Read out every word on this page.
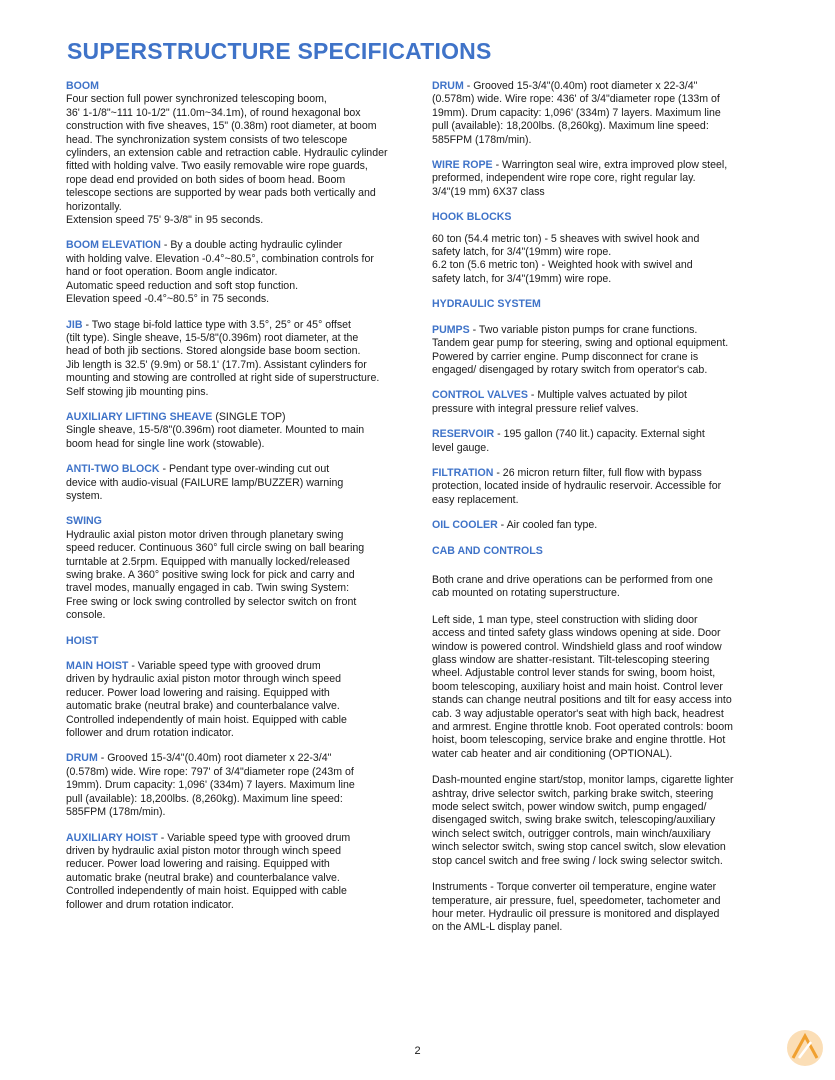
SUPERSTRUCTURE SPECIFICATIONS
BOOM
Four section full power synchronized telescoping boom,
36' 1-1/8"~111 10-1/2" (11.0m~34.1m), of round hexagonal box
construction with five sheaves, 15" (0.38m) root diameter, at boom
head. The synchronization system consists of two telescope
cylinders, an extension cable and retraction cable. Hydraulic cylinder
fitted with holding valve. Two easily removable wire rope guards,
rope dead end provided on both sides of boom head. Boom
telescope sections are supported by wear pads both vertically and
horizontally.
Extension speed 75' 9-3/8" in 95 seconds.
BOOM ELEVATION - By a double acting hydraulic cylinder
with holding valve. Elevation -0.4°~80.5°, combination controls for
hand or foot operation. Boom angle indicator.
Automatic speed reduction and soft stop function.
Elevation speed -0.4°~80.5° in 75 seconds.
JIB - Two stage bi-fold lattice type with 3.5°, 25° or 45° offset
(tilt type). Single sheave, 15-5/8"(0.396m) root diameter, at the
head of both jib sections. Stored alongside base boom section.
Jib length is 32.5' (9.9m) or 58.1' (17.7m). Assistant cylinders for
mounting and stowing are controlled at right side of superstructure.
Self stowing jib mounting pins.
AUXILIARY LIFTING SHEAVE (SINGLE TOP)
Single sheave, 15-5/8"(0.396m) root diameter. Mounted to main
boom head for single line work (stowable).
ANTI-TWO BLOCK - Pendant type over-winding cut out
device with audio-visual (FAILURE lamp/BUZZER) warning
system.
SWING
Hydraulic axial piston motor driven through planetary swing
speed reducer. Continuous 360° full circle swing on ball bearing
turntable at 2.5rpm. Equipped with manually locked/released
swing brake. A 360° positive swing lock for pick and carry and
travel modes, manually engaged in cab. Twin swing System:
Free swing or lock swing controlled by selector switch on front
console.
HOIST
MAIN HOIST - Variable speed type with grooved drum
driven by hydraulic axial piston motor through winch speed
reducer. Power load lowering and raising. Equipped with
automatic brake (neutral brake) and counterbalance valve.
Controlled independently of main hoist. Equipped with cable
follower and drum rotation indicator.
DRUM - Grooved 15-3/4"(0.40m) root diameter x 22-3/4"
(0.578m) wide. Wire rope: 797' of 3/4"diameter rope (243m of
19mm). Drum capacity: 1,096' (334m) 7 layers. Maximum line
pull (available): 18,200lbs. (8,260kg). Maximum line speed:
585FPM (178m/min).
AUXILIARY HOIST - Variable speed type with grooved drum
driven by hydraulic axial piston motor through winch speed
reducer. Power load lowering and raising. Equipped with
automatic brake (neutral brake) and counterbalance valve.
Controlled independently of main hoist. Equipped with cable
follower and drum rotation indicator.
DRUM - Grooved 15-3/4"(0.40m) root diameter x 22-3/4"
(0.578m) wide. Wire rope: 436' of 3/4"diameter rope (133m of
19mm). Drum capacity: 1,096' (334m) 7 layers. Maximum line
pull (available): 18,200lbs. (8,260kg). Maximum line speed:
585FPM (178m/min).
WIRE ROPE - Warrington seal wire, extra improved plow steel,
preformed, independent wire rope core, right regular lay.
3/4"(19 mm) 6X37 class
HOOK BLOCKS
60 ton (54.4 metric ton) - 5 sheaves with swivel hook and
safety latch, for 3/4"(19mm) wire rope.
6.2 ton (5.6 metric ton) - Weighted hook with swivel and
safety latch, for 3/4"(19mm) wire rope.
HYDRAULIC SYSTEM
PUMPS - Two variable piston pumps for crane functions.
Tandem gear pump for steering, swing and optional equipment.
Powered by carrier engine. Pump disconnect for crane is
engaged/ disengaged by rotary switch from operator's cab.
CONTROL VALVES - Multiple valves actuated by pilot
pressure with integral pressure relief valves.
RESERVOIR - 195 gallon (740 lit.) capacity. External sight
level gauge.
FILTRATION - 26 micron return filter, full flow with bypass
protection, located inside of hydraulic reservoir. Accessible for
easy replacement.
OIL COOLER - Air cooled fan type.
CAB AND CONTROLS
Both crane and drive operations can be performed from one
cab mounted on rotating superstructure.
Left side, 1 man type, steel construction with sliding door
access and tinted safety glass windows opening at side. Door
window is powered control. Windshield glass and roof window
glass window are shatter-resistant. Tilt-telescoping steering
wheel. Adjustable control lever stands for swing, boom hoist,
boom telescoping, auxiliary hoist and main hoist. Control lever
stands can change neutral positions and tilt for easy access into
cab. 3 way adjustable operator's seat with high back, headrest
and armrest. Engine throttle knob. Foot operated controls: boom
hoist, boom telescoping, service brake and engine throttle. Hot
water cab heater and air conditioning (OPTIONAL).
Dash-mounted engine start/stop, monitor lamps, cigarette lighter
ashtray, drive selector switch, parking brake switch, steering
mode select switch, power window switch, pump engaged/
disengaged switch, swing brake switch, telescoping/auxiliary
winch select switch, outrigger controls, main winch/auxiliary
winch selector switch, swing stop cancel switch, slow elevation
stop cancel switch and free swing / lock swing selector switch.
Instruments - Torque converter oil temperature, engine water
temperature, air pressure, fuel, speedometer, tachometer and
hour meter. Hydraulic oil pressure is monitored and displayed
on the AML-L display panel.
2
